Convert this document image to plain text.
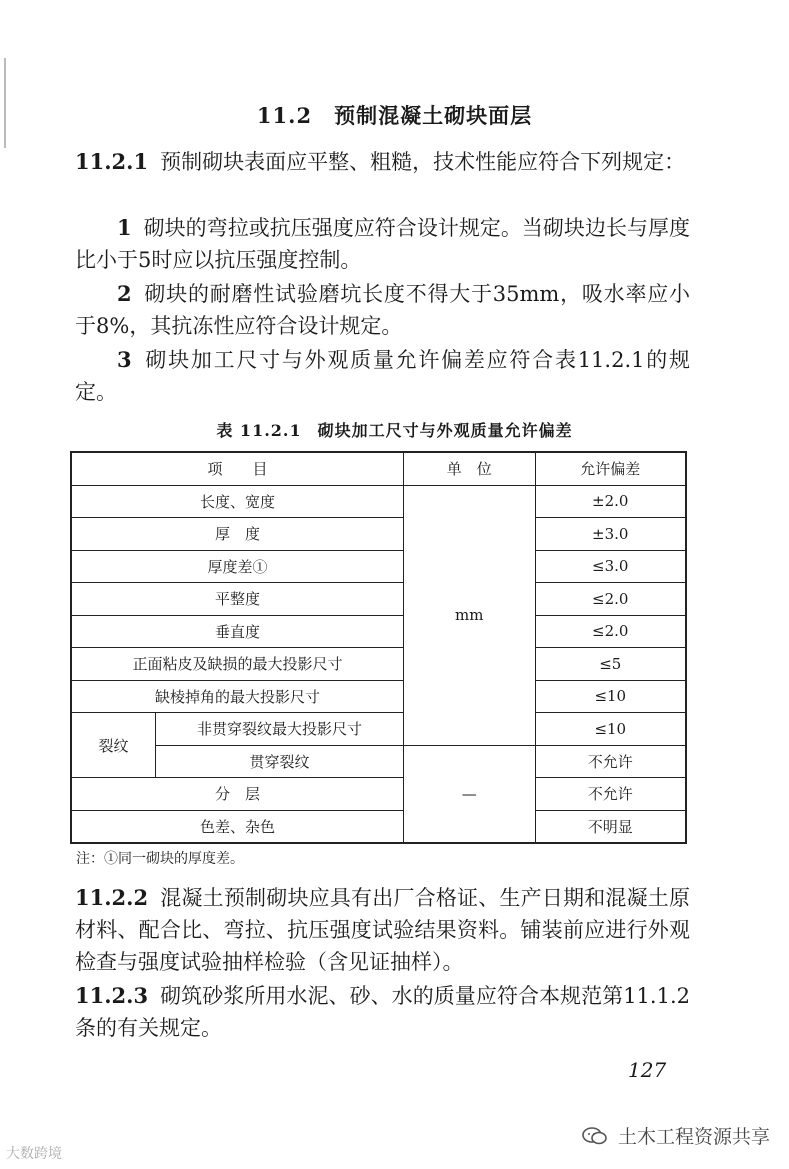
11.2 预制混凝土砌块面层
11.2.1 预制砌块表面应平整、粗糙，技术性能应符合下列规定：
1 砌块的弯拉或抗压强度应符合设计规定。当砌块边长与厚度比小于5时应以抗压强度控制。
2 砌块的耐磨性试验磨坑长度不得大于35mm，吸水率应小于8%，其抗冻性应符合设计规定。
3 砌块加工尺寸与外观质量允许偏差应符合表11.2.1的规定。
表 11.2.1 砌块加工尺寸与外观质量允许偏差
项　　目		单　位	允许偏差
长度、宽度		mm	±2.0
厚　度			±3.0
厚度差①			≤3.0
平整度			≤2.0
垂直度			≤2.0
正面粘皮及缺损的最大投影尺寸			≤5
缺棱掉角的最大投影尺寸			≤10
裂纹	非贯穿裂纹最大投影尺寸		≤10
	贯穿裂纹	—	不允许
分　层			不允许
色差、杂色			不明显
注：①同一砌块的厚度差。
11.2.2 混凝土预制砌块应具有出厂合格证、生产日期和混凝土原材料、配合比、弯拉、抗压强度试验结果资料。铺装前应进行外观检查与强度试验抽样检验（含见证抽样）。
11.2.3 砌筑砂浆所用水泥、砂、水的质量应符合本规范第11.1.2条的有关规定。
127
土木工程资源共享
大数跨境
